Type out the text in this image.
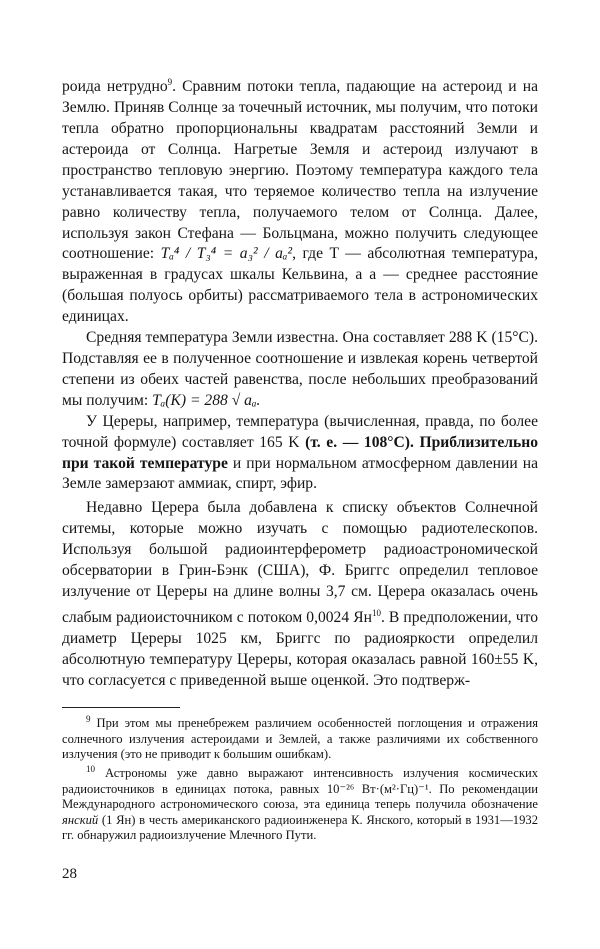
роида нетрудно$^9$. Сравним потоки тепла, падающие на астероид и на Землю. Приняв Солнце за точечный источник, мы получим, что потоки тепла обратно пропорциональны квадратам расстояний Земли и астероида от Солнца. Нагретые Земля и астероид излучают в пространство тепловую энергию. Поэтому температура каждого тела устанавливается такая, что теряемое количество тепла на излучение равно количеству тепла, получаемого телом от Солнца. Далее, используя закон Стефана — Больцмана, можно получить следующее соотношение: Tₐ⁴ / T₃⁴ = a₃² / aₐ², где T — абсолютная температура, выраженная в градусах шкалы Кельвина, a a — среднее расстояние (большая полуось орбиты) рассматриваемого тела в астрономических единицах.

Средняя температура Земли известна. Она составляет 288 K (15°С). Подставляя ее в полученное соотношение и извлекая корень четвертой степени из обеих частей равенства, после небольших преобразований мы получим: Tₐ(K) = 288 √ aₐ.

У Цереры, например, температура (вычисленная, правда, по более точной формуле) составляет 165 K (т. е. — 108°С). Приблизительно при такой температуре и при нормальном атмосферном давлении на Земле замерзают аммиак, спирт, эфир.

Недавно Церера была добавлена к списку объектов Солнечной ситемы, которые можно изучать с помощью радиотелескопов. Используя большой радиоинтерферометр радиоастрономической обсерватории в Грин-Бэнк (США), Ф. Бриггс определил тепловое излучение от Цереры на длине волны 3,7 см. Церера оказалась очень слабым радиоисточником с потоком 0,0024 Ян$^{10}$. В предположении, что диаметр Цереры 1025 км, Бриггс по радиояркости определил абсолютную температуру Цереры, которая оказалась равной 160±55 K, что согласуется с приведенной выше оценкой. Это подтверж-

$^9$ При этом мы пренебрежем различием особенностей поглощения и отражения солнечного излучения астероидами и Землей, а также различиями их собственного излучения (это не приводит к большим ошибкам).

$^{10}$ Астрономы уже давно выражают интенсивность излучения космических радиоисточников в единицах потока, равных 10⁻²⁶ Вт·(м²·Гц)⁻¹. По рекомендации Международного астрономического союза, эта единица теперь получила обозначение янский (1 Ян) в честь американского радиоинженера К. Янского, который в 1931—1932 гг. обнаружил радиоизлучение Млечного Пути.

28
